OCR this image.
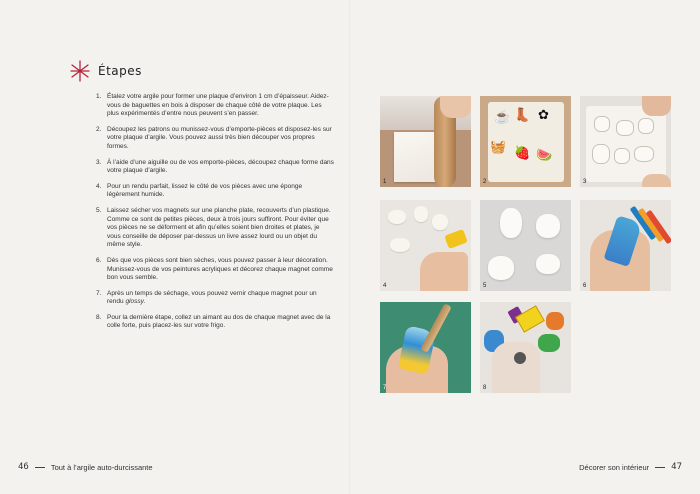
Étapes
1. Étalez votre argile pour former une plaque d’environ 1 cm d’épaisseur. Aidez-vous de baguettes en bois à disposer de chaque côté de votre plaque. Les plus expérimentés d’entre nous peuvent s’en passer.
2. Découpez les patrons ou munissez-vous d’emporte-pièces et disposez-les sur votre plaque d’argile. Vous pouvez aussi très bien découper vos propres formes.
3. À l’aide d’une aiguille ou de vos emporte-pièces, découpez chaque forme dans votre plaque d’argile.
4. Pour un rendu parfait, lissez le côté de vos pièces avec une éponge légèrement humide.
5. Laissez sécher vos magnets sur une planche plate, recouverts d’un plastique. Comme ce sont de petites pièces, deux à trois jours suffiront. Pour éviter que vos pièces ne se déforment et afin qu’elles soient bien droites et plates, je vous conseille de déposer par-dessus un livre assez lourd ou un objet du même style.
6. Dès que vos pièces sont bien sèches, vous pouvez passer à leur décoration. Munissez-vous de vos peintures acryliques et décorez chaque magnet comme bon vous semble.
7. Après un temps de séchage, vous pouvez vernir chaque magnet pour un rendu glossy.
8. Pour la dernière étape, collez un aimant au dos de chaque magnet avec de la colle forte, puis placez-les sur votre frigo.
1
☕ 👢 ✿
🧺 🍓 🍉
2	3
4	5	6
7	8
46	Tout à l’argile auto-durcissante	Décorer son intérieur 47
